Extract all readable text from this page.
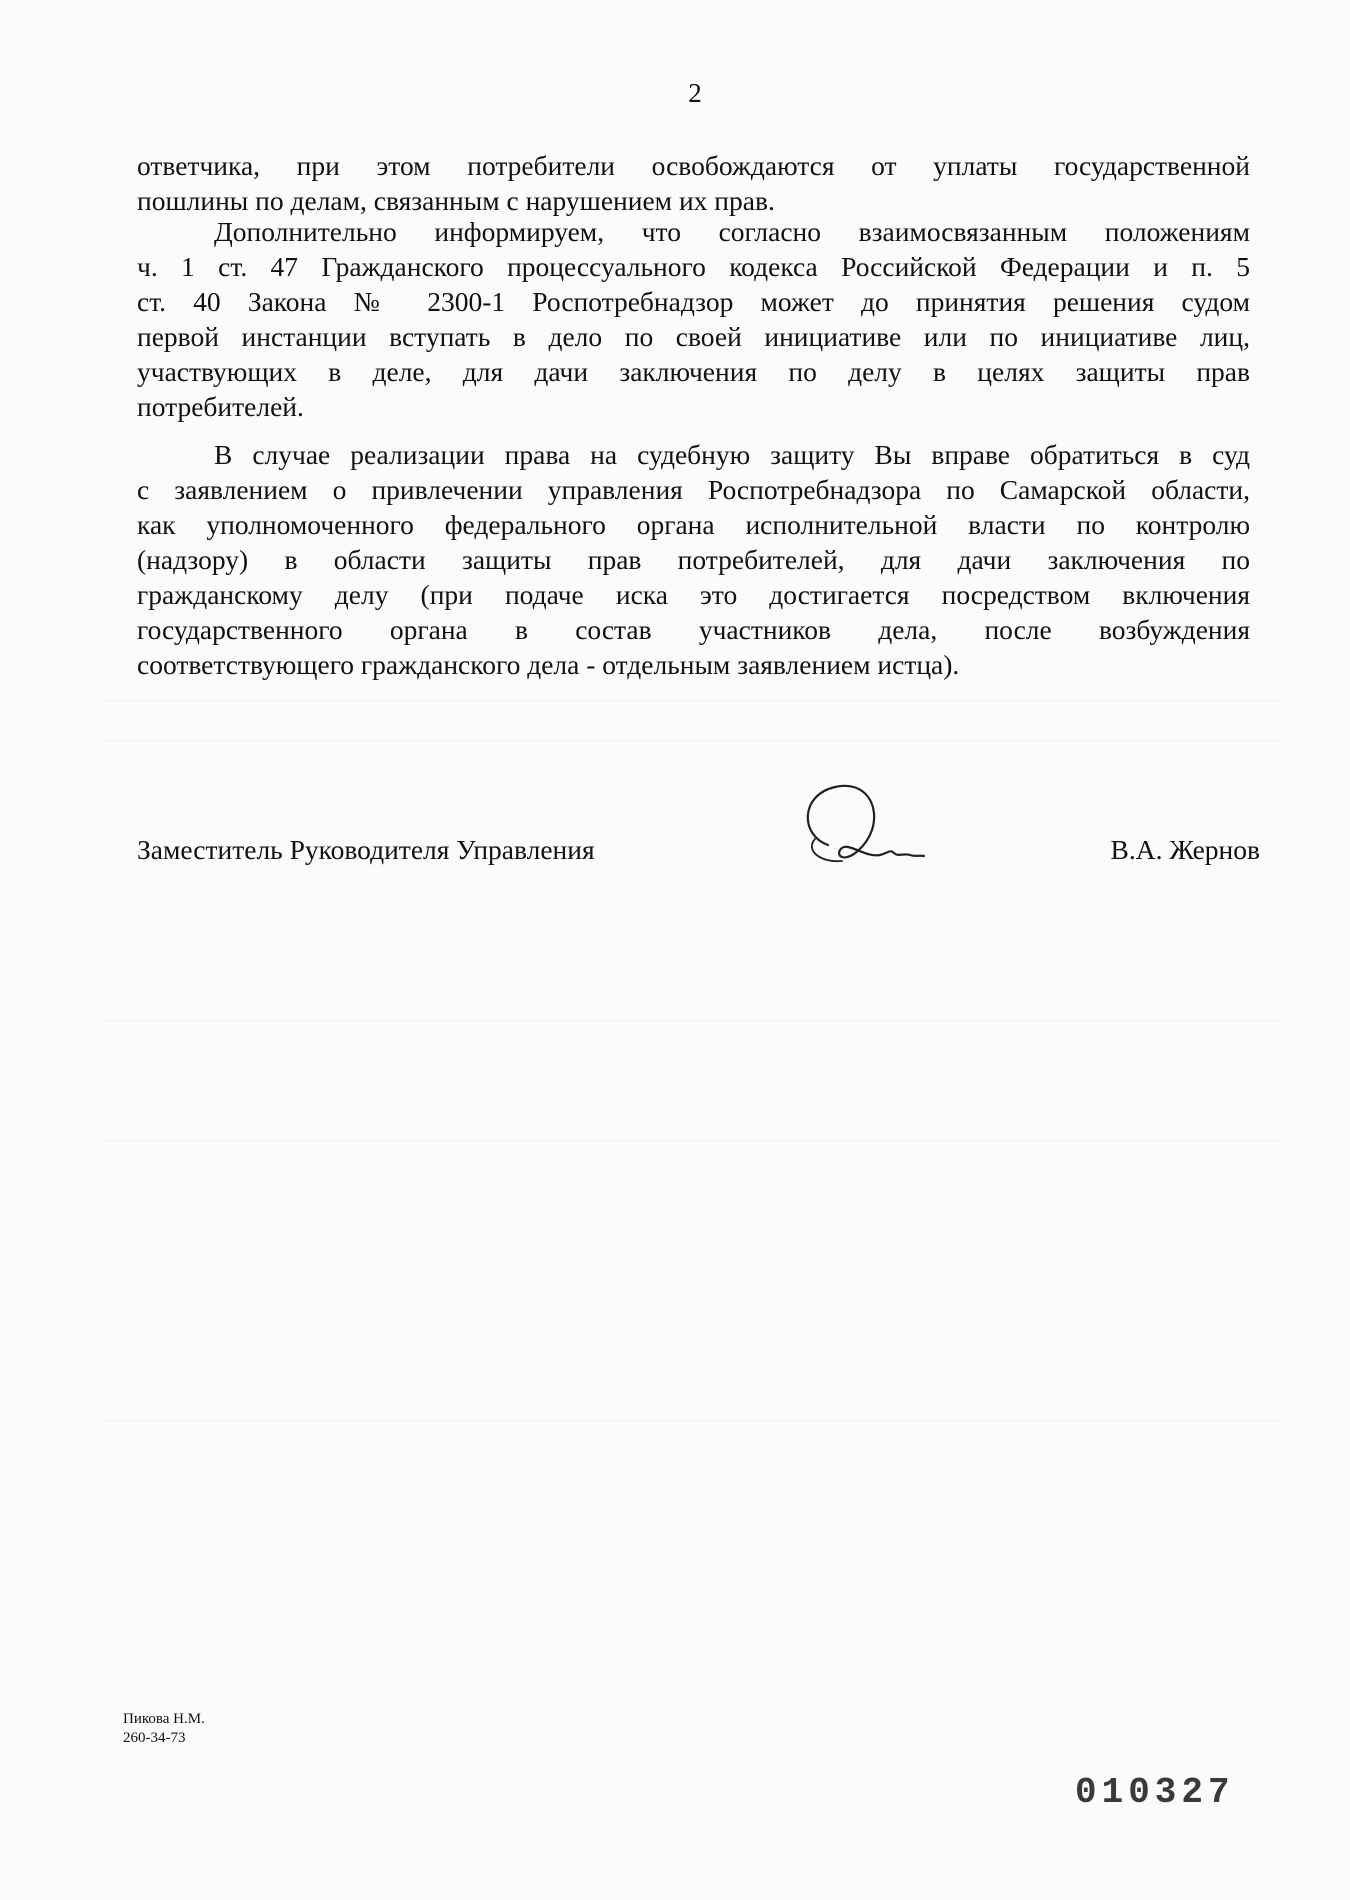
2
ответчика, при этом потребители освобождаются от уплаты государственной
пошлины по делам, связанным с нарушением их прав.
Дополнительно информируем, что согласно взаимосвязанным положениям
ч. 1 ст. 47 Гражданского процессуального кодекса Российской Федерации и п. 5
ст. 40 Закона № 2300-1 Роспотребнадзор может до принятия решения судом
первой инстанции вступать в дело по своей инициативе или по инициативе лиц,
участвующих в деле, для дачи заключения по делу в целях защиты прав
потребителей.
В случае реализации права на судебную защиту Вы вправе обратиться в суд
с заявлением о привлечении управления Роспотребнадзора по Самарской области,
как уполномоченного федерального органа исполнительной власти по контролю
(надзору) в области защиты прав потребителей, для дачи заключения по
гражданскому делу (при подаче иска это достигается посредством включения
государственного органа в состав участников дела, после возбуждения
соответствующего гражданского дела - отдельным заявлением истца).
Заместитель Руководителя Управления	В.А. Жернов
Пикова Н.М.
260-34-73
010327
